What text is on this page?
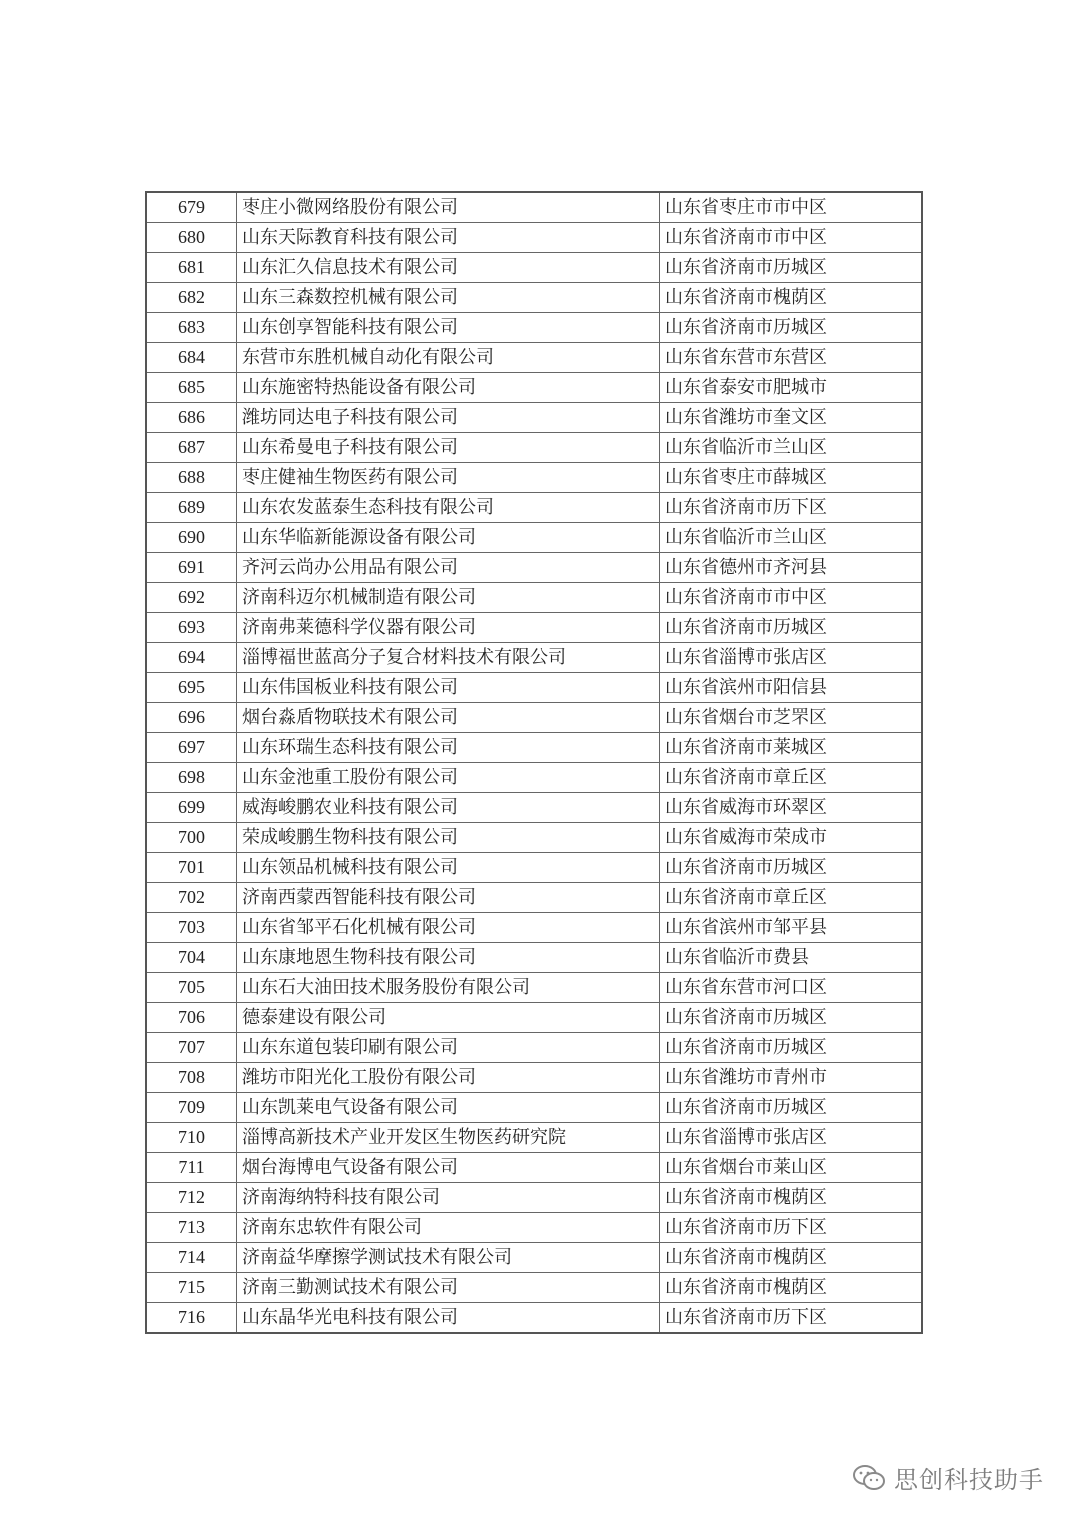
679	枣庄小微网络股份有限公司	山东省枣庄市市中区
680	山东天际教育科技有限公司	山东省济南市市中区
681	山东汇久信息技术有限公司	山东省济南市历城区
682	山东三森数控机械有限公司	山东省济南市槐荫区
683	山东创享智能科技有限公司	山东省济南市历城区
684	东营市东胜机械自动化有限公司	山东省东营市东营区
685	山东施密特热能设备有限公司	山东省泰安市肥城市
686	潍坊同达电子科技有限公司	山东省潍坊市奎文区
687	山东希曼电子科技有限公司	山东省临沂市兰山区
688	枣庄健袖生物医药有限公司	山东省枣庄市薛城区
689	山东农发蓝泰生态科技有限公司	山东省济南市历下区
690	山东华临新能源设备有限公司	山东省临沂市兰山区
691	齐河云尚办公用品有限公司	山东省德州市齐河县
692	济南科迈尔机械制造有限公司	山东省济南市市中区
693	济南弗莱德科学仪器有限公司	山东省济南市历城区
694	淄博福世蓝高分子复合材料技术有限公司	山东省淄博市张店区
695	山东伟国板业科技有限公司	山东省滨州市阳信县
696	烟台淼盾物联技术有限公司	山东省烟台市芝罘区
697	山东环瑞生态科技有限公司	山东省济南市莱城区
698	山东金池重工股份有限公司	山东省济南市章丘区
699	威海峻鹏农业科技有限公司	山东省威海市环翠区
700	荣成峻鹏生物科技有限公司	山东省威海市荣成市
701	山东领品机械科技有限公司	山东省济南市历城区
702	济南西蒙西智能科技有限公司	山东省济南市章丘区
703	山东省邹平石化机械有限公司	山东省滨州市邹平县
704	山东康地恩生物科技有限公司	山东省临沂市费县
705	山东石大油田技术服务股份有限公司	山东省东营市河口区
706	德泰建设有限公司	山东省济南市历城区
707	山东东道包装印刷有限公司	山东省济南市历城区
708	潍坊市阳光化工股份有限公司	山东省潍坊市青州市
709	山东凯莱电气设备有限公司	山东省济南市历城区
710	淄博高新技术产业开发区生物医药研究院	山东省淄博市张店区
711	烟台海博电气设备有限公司	山东省烟台市莱山区
712	济南海纳特科技有限公司	山东省济南市槐荫区
713	济南东忠软件有限公司	山东省济南市历下区
714	济南益华摩擦学测试技术有限公司	山东省济南市槐荫区
715	济南三勤测试技术有限公司	山东省济南市槐荫区
716	山东晶华光电科技有限公司	山东省济南市历下区
思创科技助手
